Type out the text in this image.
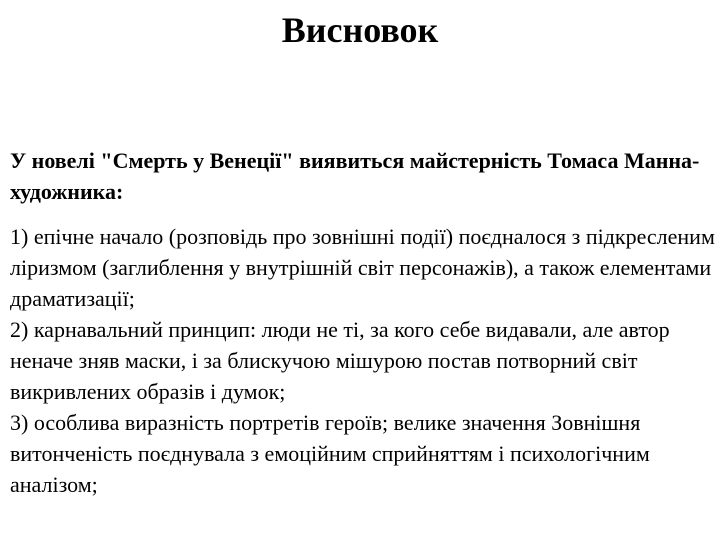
Висновок

У новелі "Смерть у Венеції" виявиться майстерність Томаса Манна-художника:

1) епічне начало (розповідь про зовнішні події) поєдналося з підкресленим ліризмом (заглиблення у внутрішній світ персонажів), а також елементами драматизації;
2) карнавальний принцип: люди не ті, за кого себе видавали, але автор неначе зняв маски, і за блискучою мішурою постав потворний світ викривлених образів і думок;
3) особлива виразність портретів героїв; велике значення Зовнішня витонченість поєднувала з емоційним сприйняттям і психологічним аналізом;
